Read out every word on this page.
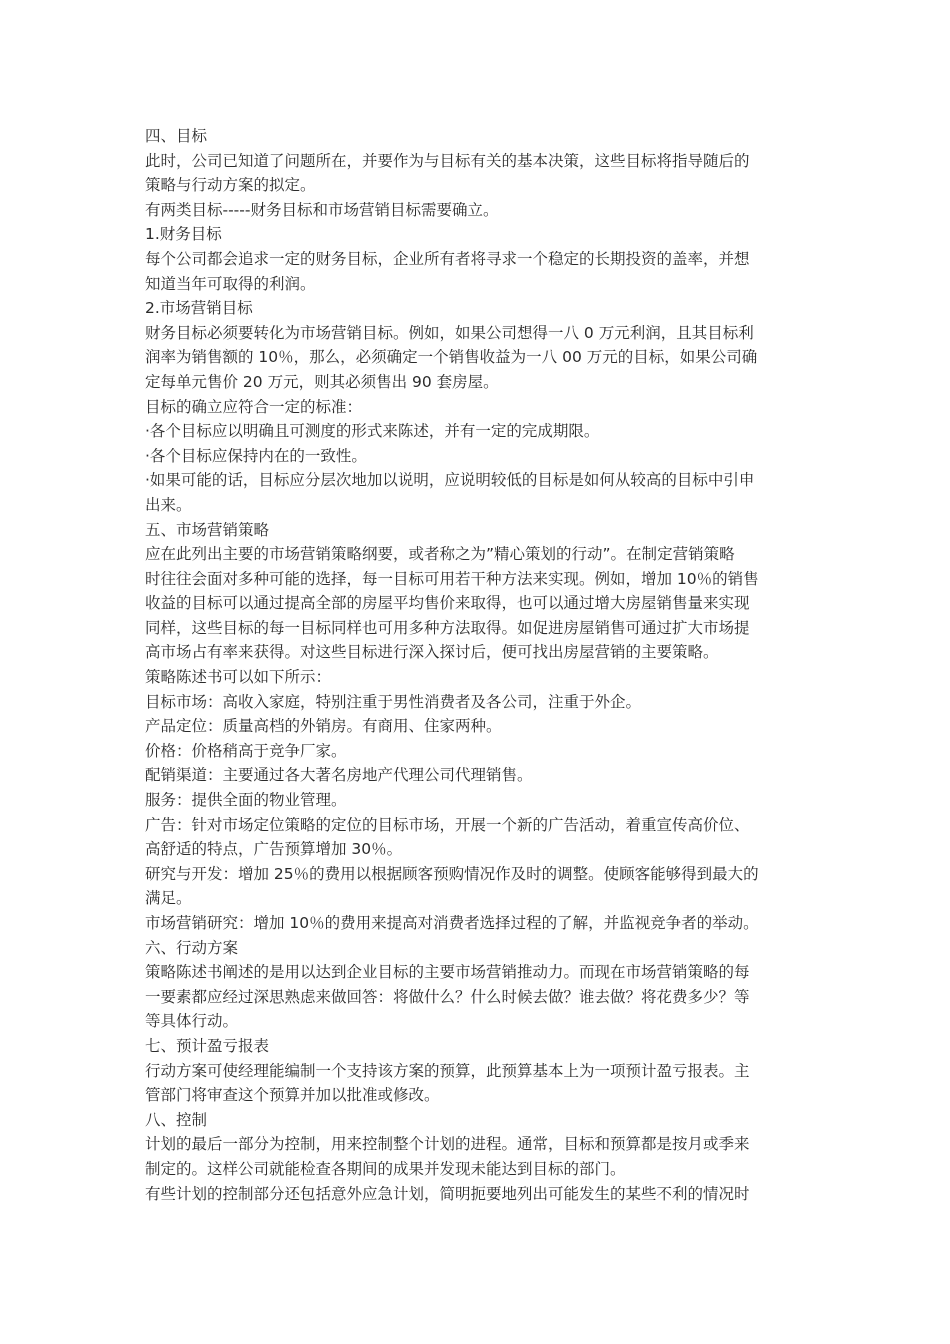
四、目标

此时，公司已知道了问题所在，并要作为与目标有关的基本决策，这些目标将指导随后的

策略与行动方案的拟定。

有两类目标-----财务目标和市场营销目标需要确立。

1.财务目标

每个公司都会追求一定的财务目标，企业所有者将寻求一个稳定的长期投资的盖率，并想

知道当年可取得的利润。

2.市场营销目标

财务目标必须要转化为市场营销目标。例如，如果公司想得一八 0 万元利润，且其目标利

润率为销售额的 10％，那么，必须确定一个销售收益为一八 00 万元的目标，如果公司确

定每单元售价 20 万元，则其必须售出 90 套房屋。

目标的确立应符合一定的标准：

·各个目标应以明确且可测度的形式来陈述，并有一定的完成期限。

·各个目标应保持内在的一致性。

·如果可能的话，目标应分层次地加以说明，应说明较低的目标是如何从较高的目标中引申

出来。

五、市场营销策略

应在此列出主要的市场营销策略纲要，或者称之为”精心策划的行动”。在制定营销策略

时往往会面对多种可能的选择，每一目标可用若干种方法来实现。例如，增加 10％的销售

收益的目标可以通过提高全部的房屋平均售价来取得，也可以通过增大房屋销售量来实现

同样，这些目标的每一目标同样也可用多种方法取得。如促进房屋销售可通过扩大市场提

高市场占有率来获得。对这些目标进行深入探讨后，便可找出房屋营销的主要策略。

策略陈述书可以如下所示：

目标市场：高收入家庭，特别注重于男性消费者及各公司，注重于外企。

产品定位：质量高档的外销房。有商用、住家两种。

价格：价格稍高于竞争厂家。

配销渠道：主要通过各大著名房地产代理公司代理销售。

服务：提供全面的物业管理。

广告：针对市场定位策略的定位的目标市场，开展一个新的广告活动，着重宣传高价位、

高舒适的特点，广告预算增加 30％。

研究与开发：增加 25％的费用以根据顾客预购情况作及时的调整。使顾客能够得到最大的

满足。

市场营销研究：增加 10％的费用来提高对消费者选择过程的了解，并监视竞争者的举动。

六、行动方案

策略陈述书阐述的是用以达到企业目标的主要市场营销推动力。而现在市场营销策略的每

一要素都应经过深思熟虑来做回答：将做什么？什么时候去做？谁去做？将花费多少？等

等具体行动。

七、预计盈亏报表

行动方案可使经理能编制一个支持该方案的预算，此预算基本上为一项预计盈亏报表。主

管部门将审查这个预算并加以批准或修改。

八、控制

计划的最后一部分为控制，用来控制整个计划的进程。通常，目标和预算都是按月或季来

制定的。这样公司就能检查各期间的成果并发现未能达到目标的部门。

有些计划的控制部分还包括意外应急计划，简明扼要地列出可能发生的某些不利的情况时
